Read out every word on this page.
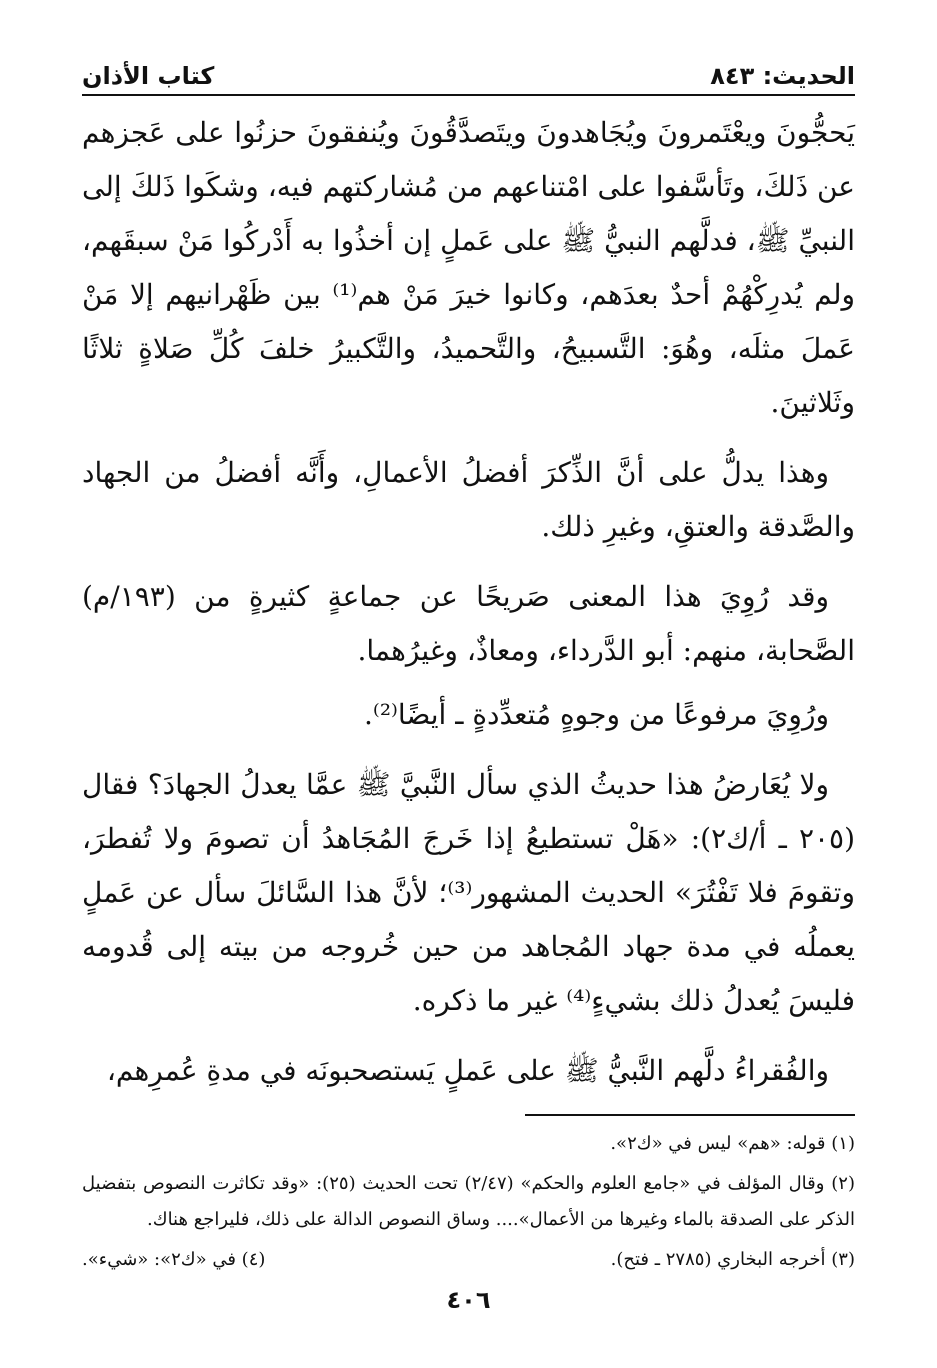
الحديث: ٨٤٣
كتاب الأذان

يَحجُّونَ ويعْتَمرونَ ويُجَاهدونَ ويتَصدَّقُونَ ويُنفقونَ حزنُوا على عَجزهم عن ذَلكَ، وتَأسَّفوا على امْتناعهم من مُشاركتهم فيه، وشكَوا ذَلكَ إلى النبيِّ ﷺ، فدلَّهم النبيُّ ﷺ على عَملٍ إن أخذُوا به أَدْركُوا مَنْ سبقَهم، ولم يُدرِكْهُمْ أحدٌ بعدَهم، وكانوا خيرَ مَنْ هم⁽¹⁾ بين ظَهْرانيهم إلا مَنْ عَملَ مثلَه، وهُوَ: التَّسبيحُ، والتَّحميدُ، والتَّكبيرُ خلفَ كُلِّ صَلاةٍ ثلاثًا وثَلاثينَ.

وهذا يدلُّ على أنَّ الذِّكرَ أفضلُ الأعمالِ، وأَنَّه أفضلُ من الجهاد والصَّدقة والعتقِ، وغيرِ ذلك.

وقد رُوِيَ هذا المعنى صَريحًا عن جماعةٍ كثيرةٍ من (١٩٣/م) الصَّحابة، منهم: أبو الدَّرداء، ومعاذٌ، وغيرُهما.

ورُوِيَ مرفوعًا من وجوهٍ مُتعدِّدةٍ ـ أيضًا⁽²⁾.

ولا يُعَارضُ هذا حديثُ الذي سأل النَّبيَّ ﷺ عمَّا يعدلُ الجهادَ؟ فقال (٢٠٥ ـ أ/ك٢): «هَلْ تستطيعُ إذا خَرجَ المُجَاهدُ أن تصومَ ولا تُفطرَ، وتقومَ فلا تَفْتُرَ» الحديث المشهور⁽³⁾؛ لأنَّ هذا السَّائلَ سأل عن عَملٍ يعملُه في مدة جهاد المُجاهد من حين خُروجه من بيته إلى قُدومه فليسَ يُعدلُ ذلك بشيءٍ⁽⁴⁾ غير ما ذكره.

والفُقراءُ دلَّهم النَّبيُّ ﷺ على عَملٍ يَستصحبونَه في مدةِ عُمرِهم،

(١) قوله: «هم» ليس في «ك٢».

(٢) وقال المؤلف في «جامع العلوم والحكم» (٢/٤٧) تحت الحديث (٢٥): «وقد تكاثرت النصوص بتفضيل الذكر على الصدقة بالماء وغيرها من الأعمال».... وساق النصوص الدالة على ذلك، فليراجع هناك.

(٣) أخرجه البخاري (٢٧٨٥ ـ فتح).

(٤) في «ك٢»: «شيء».

٤٠٦
